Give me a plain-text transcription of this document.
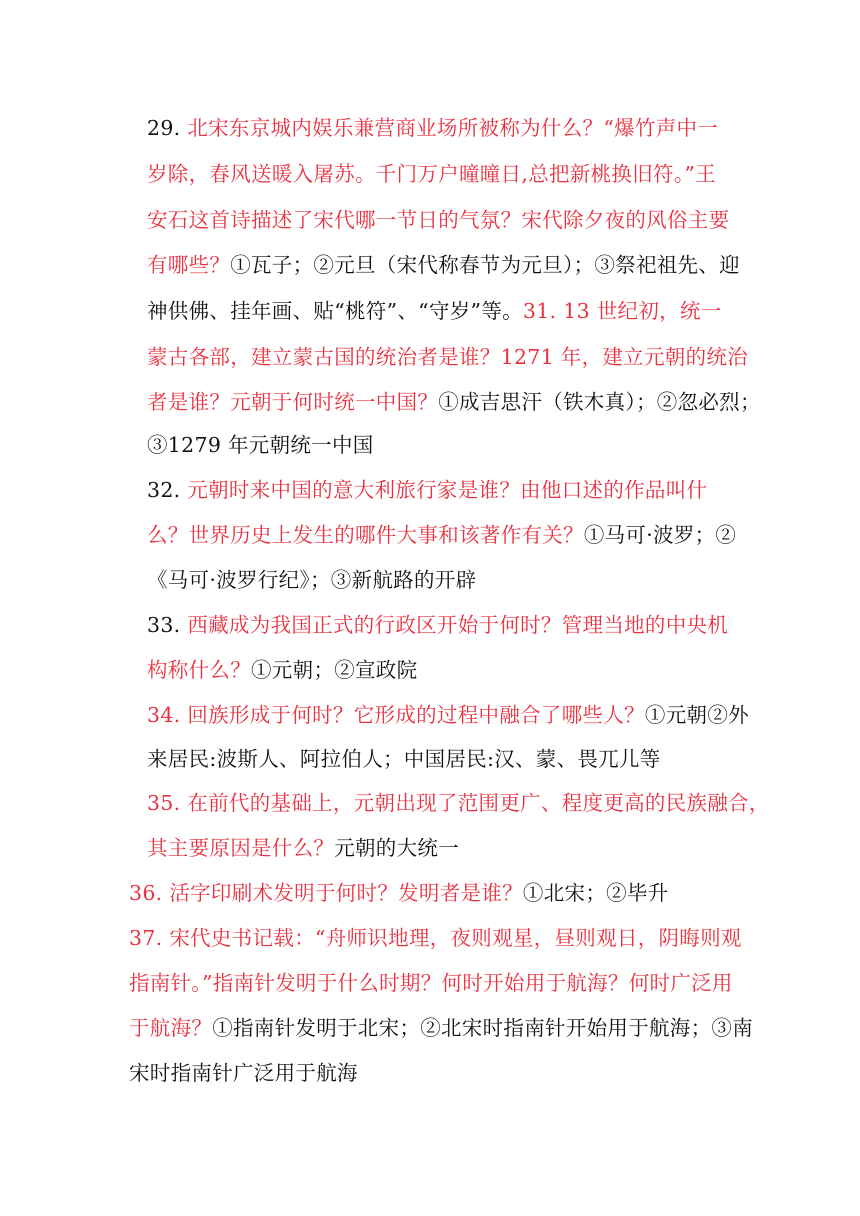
29. 北宋东京城内娱乐兼营商业场所被称为什么？“爆竹声中一
岁除，春风送暖入屠苏。千门万户曈曈日,总把新桃换旧符。”王
安石这首诗描述了宋代哪一节日的气氛？宋代除夕夜的风俗主要
有哪些？①瓦子；②元旦（宋代称春节为元旦）；③祭祀祖先、迎
神供佛、挂年画、贴“桃符”、“守岁”等。31. 13 世纪初，统一
蒙古各部，建立蒙古国的统治者是谁？1271 年，建立元朝的统治
者是谁？元朝于何时统一中国？①成吉思汗（铁木真）；②忽必烈；
③1279 年元朝统一中国
32. 元朝时来中国的意大利旅行家是谁？由他口述的作品叫什
么？世界历史上发生的哪件大事和该著作有关？①马可·波罗；②
《马可·波罗行纪》；③新航路的开辟
33. 西藏成为我国正式的行政区开始于何时？管理当地的中央机
构称什么？①元朝；②宣政院
34. 回族形成于何时？它形成的过程中融合了哪些人？①元朝②外
来居民:波斯人、阿拉伯人；中国居民:汉、蒙、畏兀儿等
35. 在前代的基础上，元朝出现了范围更广、程度更高的民族融合，
其主要原因是什么？元朝的大统一
36. 活字印刷术发明于何时？发明者是谁？①北宋；②毕升
37. 宋代史书记载：“舟师识地理，夜则观星，昼则观日，阴晦则观
指南针。”指南针发明于什么时期？何时开始用于航海？何时广泛用
于航海？①指南针发明于北宋；②北宋时指南针开始用于航海；③南
宋时指南针广泛用于航海
